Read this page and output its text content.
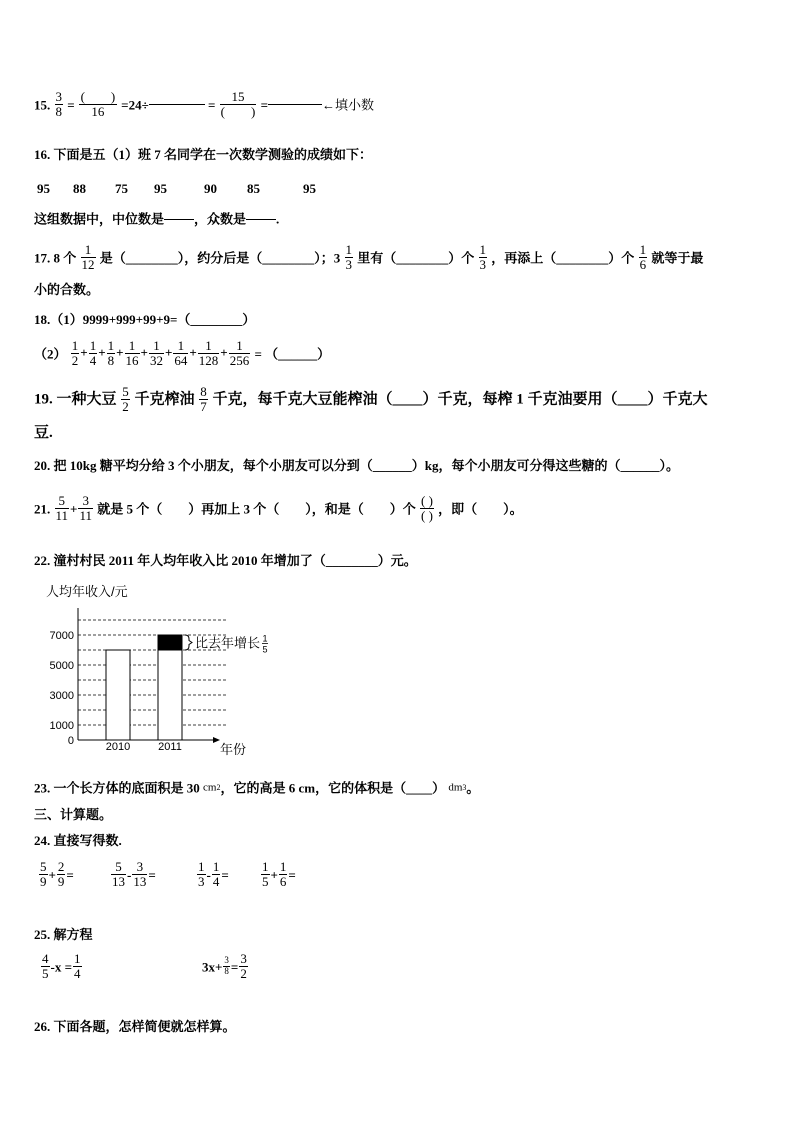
15. $\frac{3}{8} = \frac{( )}{16} =24\div$	= $\frac{15}{( )}$ =	←填小数
16. 下面是五（1）班 7 名同学在一次数学测验的成绩如下：
95 88 75 95	90 85	95
这组数据中，中位数是 ，众数是 .
17. 8 个 $\frac{1}{12}$ 是（________），约分后是（________）；$3 \frac{1}{3}$ 里有（________）个 $\frac{1}{3}$ ，再添上（________）个 $\frac{1}{6}$ 就等于最
小的合数。
18.（1）9999+999+99+9=（________）
$(2) \frac{1}{2} + \frac{1}{4} + \frac{1}{8} + \frac{1}{16} + \frac{1}{32} + \frac{1}{64} + \frac{1}{128} + \frac{1}{256}$ = （______）
19. 一种大豆 $\frac{5}{2}$ 千克榨油 $\frac{8}{7}$ 千克，每千克大豆能榨油（____）千克，每榨 1 千克油要用（____）千克大
豆.
20. 把 10kg 糖平均分给 3 个小朋友，每个小朋友可以分到（______）kg，每个小朋友可分得这些糖的（______）。
21. $\frac{5}{11} + \frac{3}{11}$ 就是 5 个（　　）再加上 3 个（　　），和是（　　）个 $\frac{( )}{( )}$ ，即（　　）。
22. 潼村村民 2011 年人均年收入比 2010 年增加了（________）元。
人均年收入/元
0
1000
3000
5000
7000
2010	2011	年份
比去年增长 1
5
23. 一个长方体的底面积是 30 cm2，它的高是 6 cm，它的体积是（____） dm3。
三、计算题。
24. 直接写得数.
$\frac{5}{9} + \frac{2}{9}$ =	$\frac{5}{13} - \frac{3}{13}$ =	$\frac{1}{3} - \frac{1}{4} = \frac{1}{5} + \frac{1}{6}$ =
25. 解方程
$\frac{4}{5} -x = \frac{1}{4}$	$3x+ \frac{3}{8} = \frac{3}{2}$
26. 下面各题，怎样简便就怎样算。
